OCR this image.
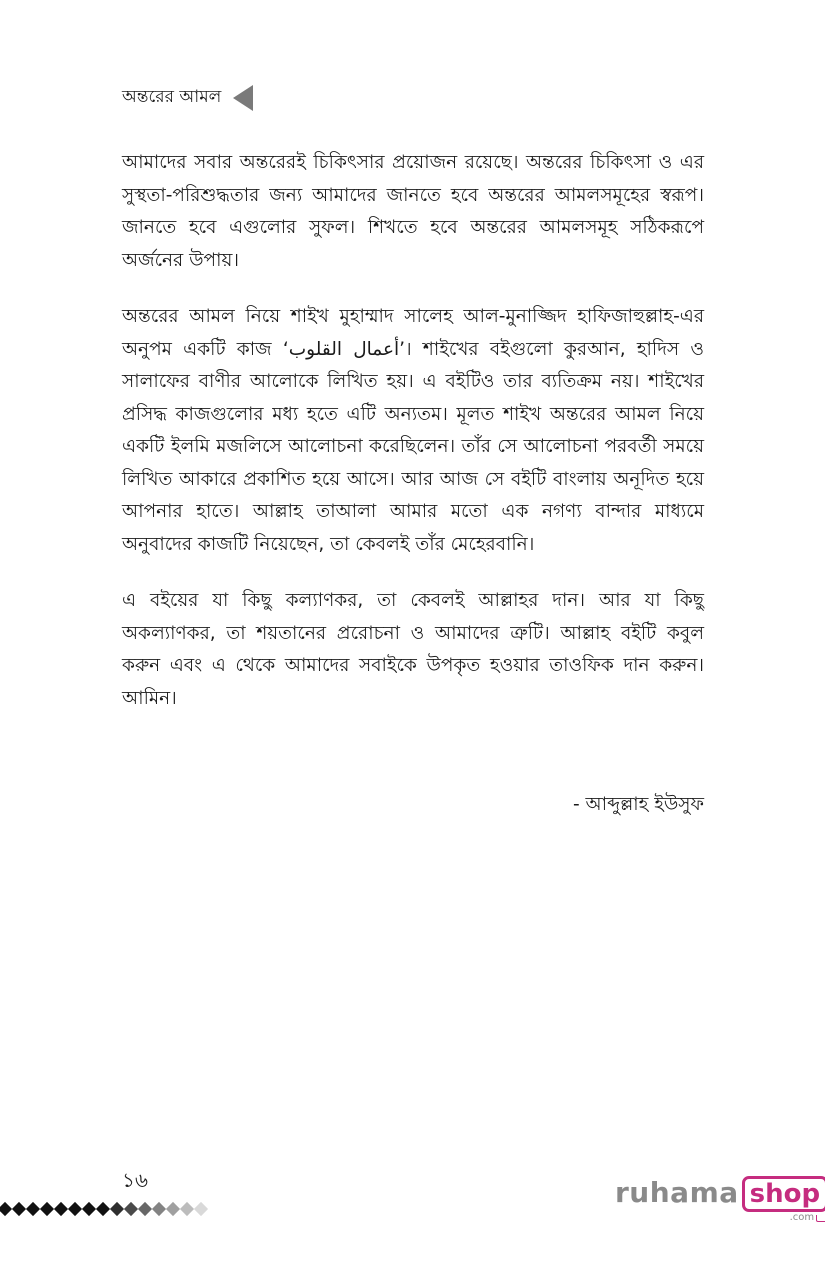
অন্তরের আমল

আমাদের সবার অন্তরেরই চিকিৎসার প্রয়োজন রয়েছে। অন্তরের চিকিৎসা ও এর সুস্থতা-পরিশুদ্ধতার জন্য আমাদের জানতে হবে অন্তরের আমলসমূহের স্বরূপ। জানতে হবে এগুলোর সুফল। শিখতে হবে অন্তরের আমলসমূহ সঠিকরূপে অর্জনের উপায়।

অন্তরের আমল নিয়ে শাইখ মুহাম্মাদ সালেহ আল-মুনাজ্জিদ হাফিজাহুল্লাহ-এর অনুপম একটি কাজ ‘أعمال القلوب’। শাইখের বইগুলো কুরআন, হাদিস ও সালাফের বাণীর আলোকে লিখিত হয়। এ বইটিও তার ব্যতিক্রম নয়। শাইখের প্রসিদ্ধ কাজগুলোর মধ্য হতে এটি অন্যতম। মূলত শাইখ অন্তরের আমল নিয়ে একটি ইলমি মজলিসে আলোচনা করেছিলেন। তাঁর সে আলোচনা পরবর্তী সময়ে লিখিত আকারে প্রকাশিত হয়ে আসে। আর আজ সে বইটি বাংলায় অনূদিত হয়ে আপনার হাতে। আল্লাহ তাআলা আমার মতো এক নগণ্য বান্দার মাধ্যমে অনুবাদের কাজটি নিয়েছেন, তা কেবলই তাঁর মেহেরবানি।

এ বইয়ের যা কিছু কল্যাণকর, তা কেবলই আল্লাহর দান। আর যা কিছু অকল্যাণকর, তা শয়তানের প্ররোচনা ও আমাদের ত্রুটি। আল্লাহ বইটি কবুল করুন এবং এ থেকে আমাদের সবাইকে উপকৃত হওয়ার তাওফিক দান করুন। আমিন।

- আব্দুল্লাহ ইউসুফ
১৬	ruhama shop
.com
